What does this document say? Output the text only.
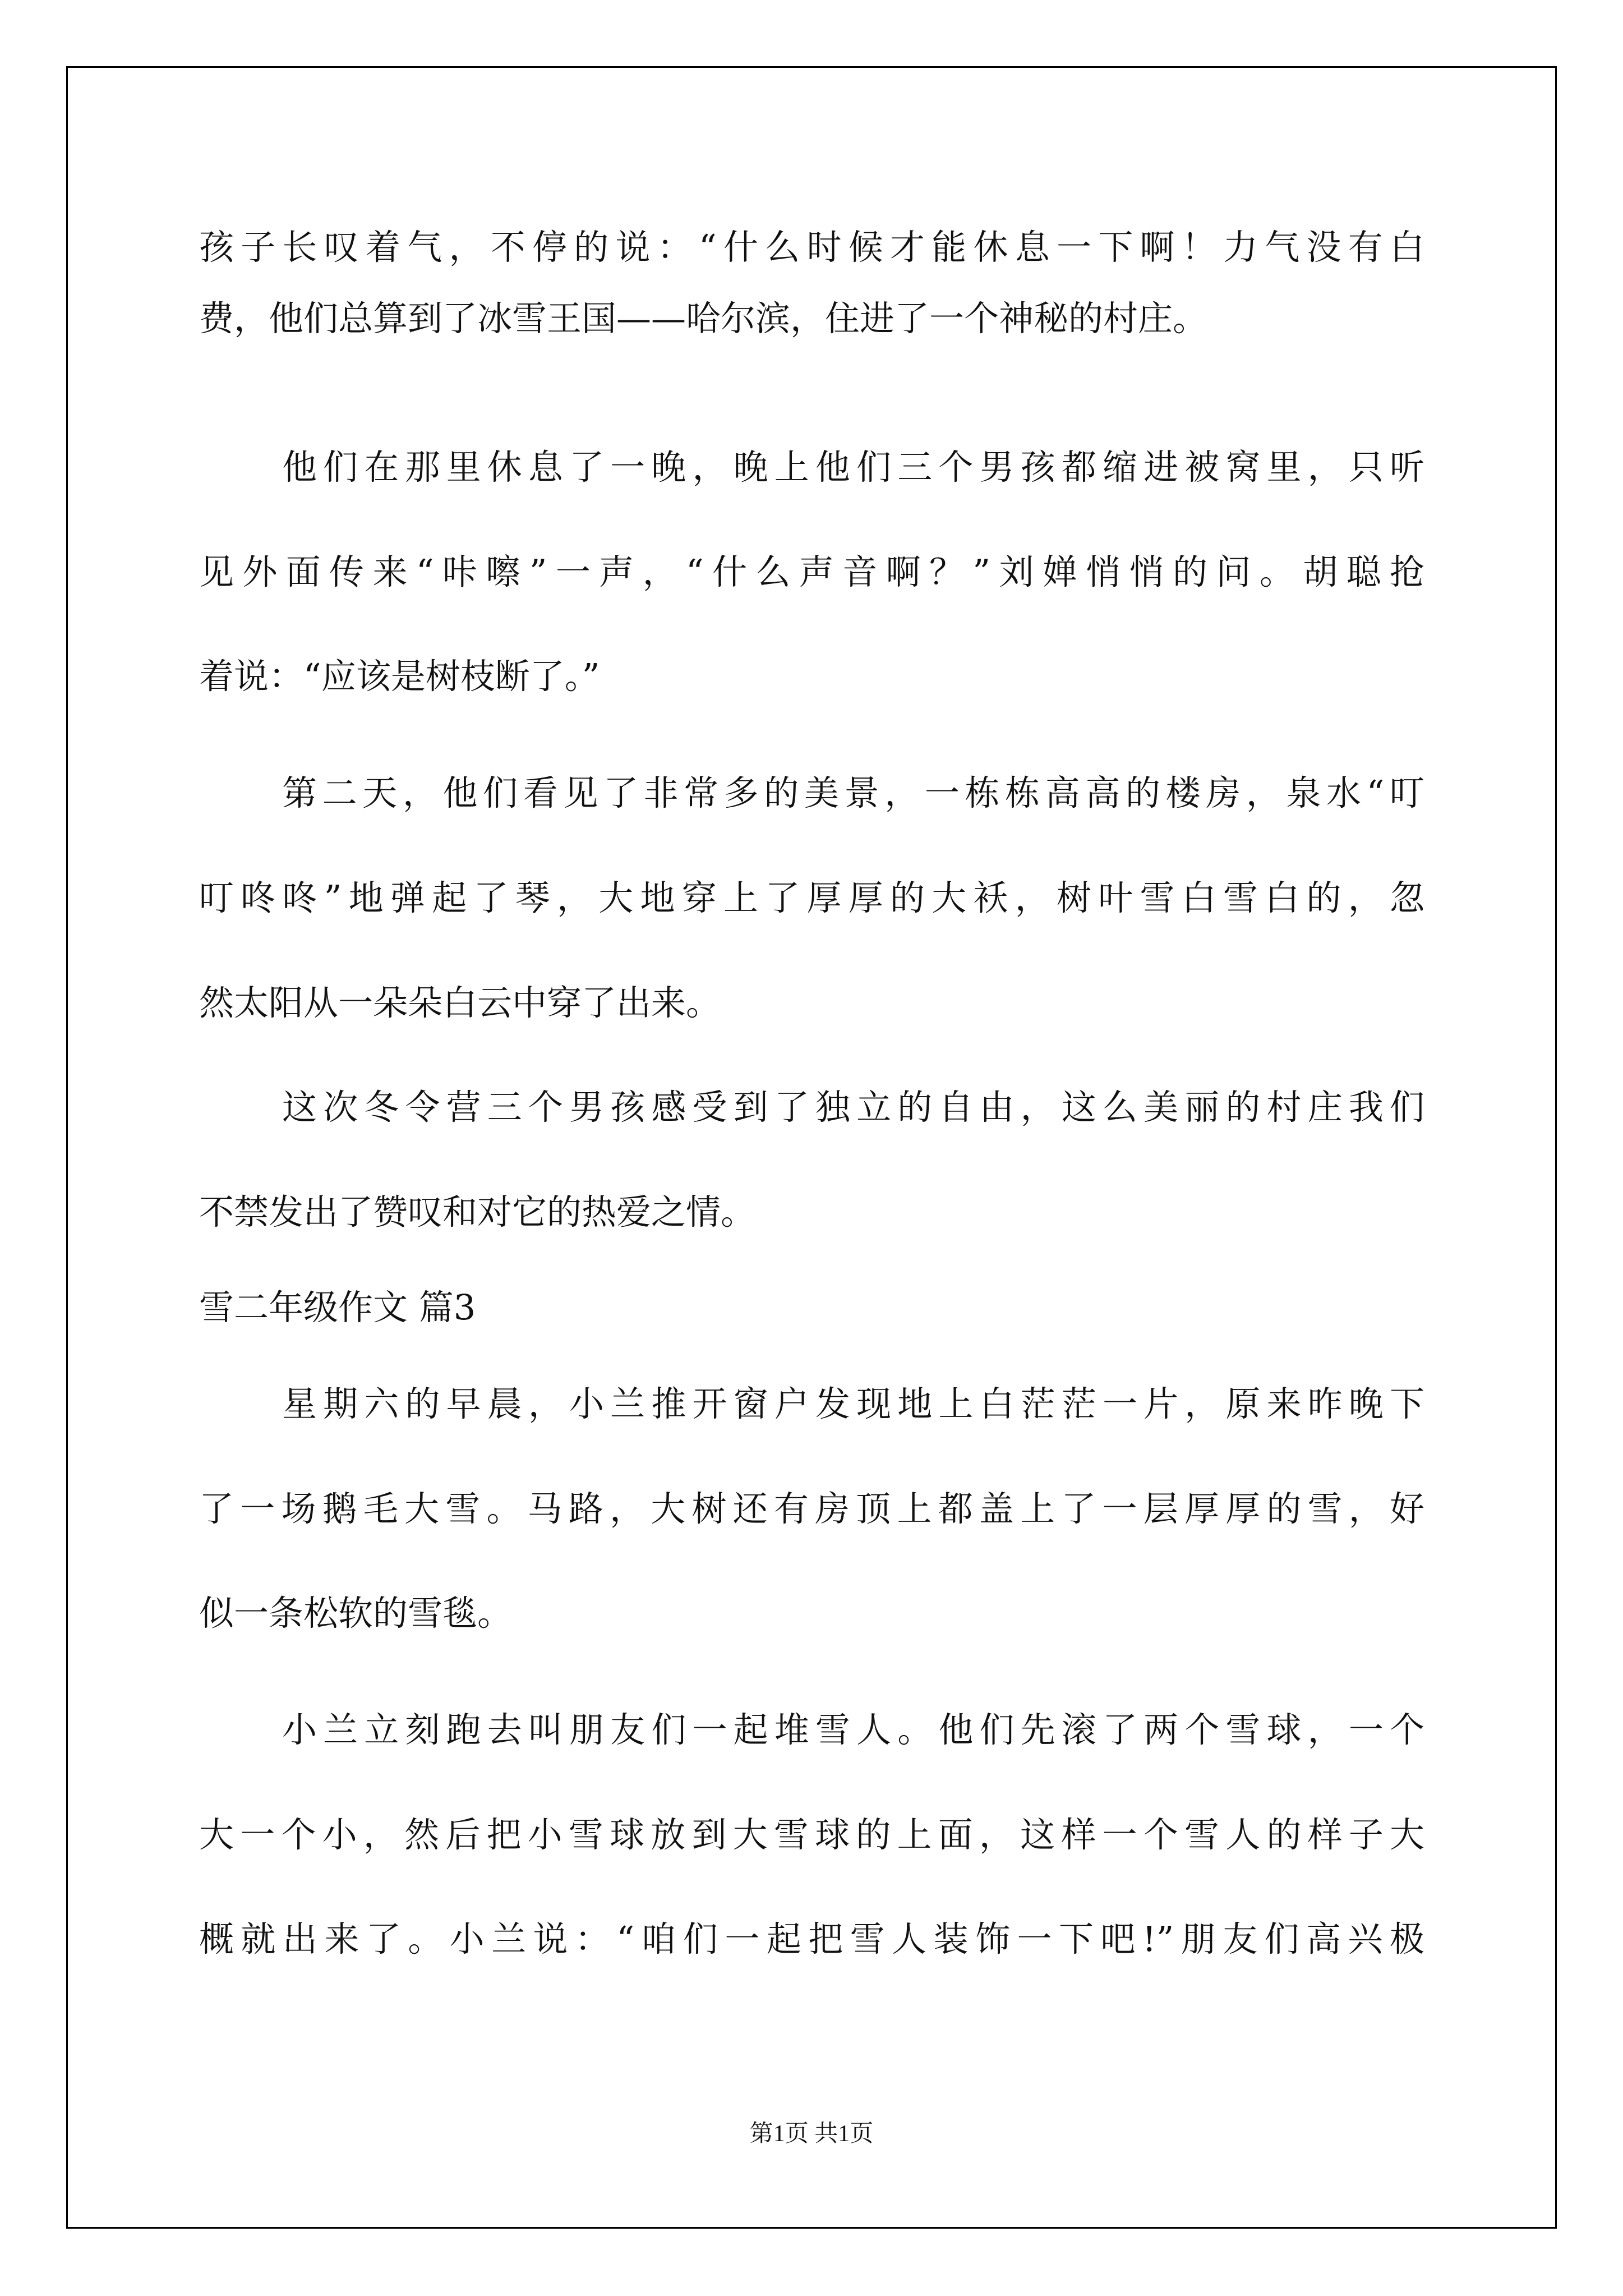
孩子长叹着气，不停的说：“什么时候才能休息一下啊！力气没有白
费，他们总算到了冰雪王国——哈尔滨，住进了一个神秘的村庄。
他们在那里休息了一晚，晚上他们三个男孩都缩进被窝里，只听
见外面传来“咔嚓”一声，“什么声音啊？”刘婵悄悄的问。胡聪抢
着说：“应该是树枝断了。”
第二天，他们看见了非常多的美景，一栋栋高高的楼房，泉水“叮
叮咚咚”地弹起了琴，大地穿上了厚厚的大袄，树叶雪白雪白的，忽
然太阳从一朵朵白云中穿了出来。
这次冬令营三个男孩感受到了独立的自由，这么美丽的村庄我们
不禁发出了赞叹和对它的热爱之情。
雪二年级作文 篇3
星期六的早晨，小兰推开窗户发现地上白茫茫一片，原来昨晚下
了一场鹅毛大雪。马路，大树还有房顶上都盖上了一层厚厚的雪，好
似一条松软的雪毯。
小兰立刻跑去叫朋友们一起堆雪人。他们先滚了两个雪球，一个
大一个小，然后把小雪球放到大雪球的上面，这样一个雪人的样子大
概就出来了。小兰说：“咱们一起把雪人装饰一下吧!”朋友们高兴极
第1页 共1页
